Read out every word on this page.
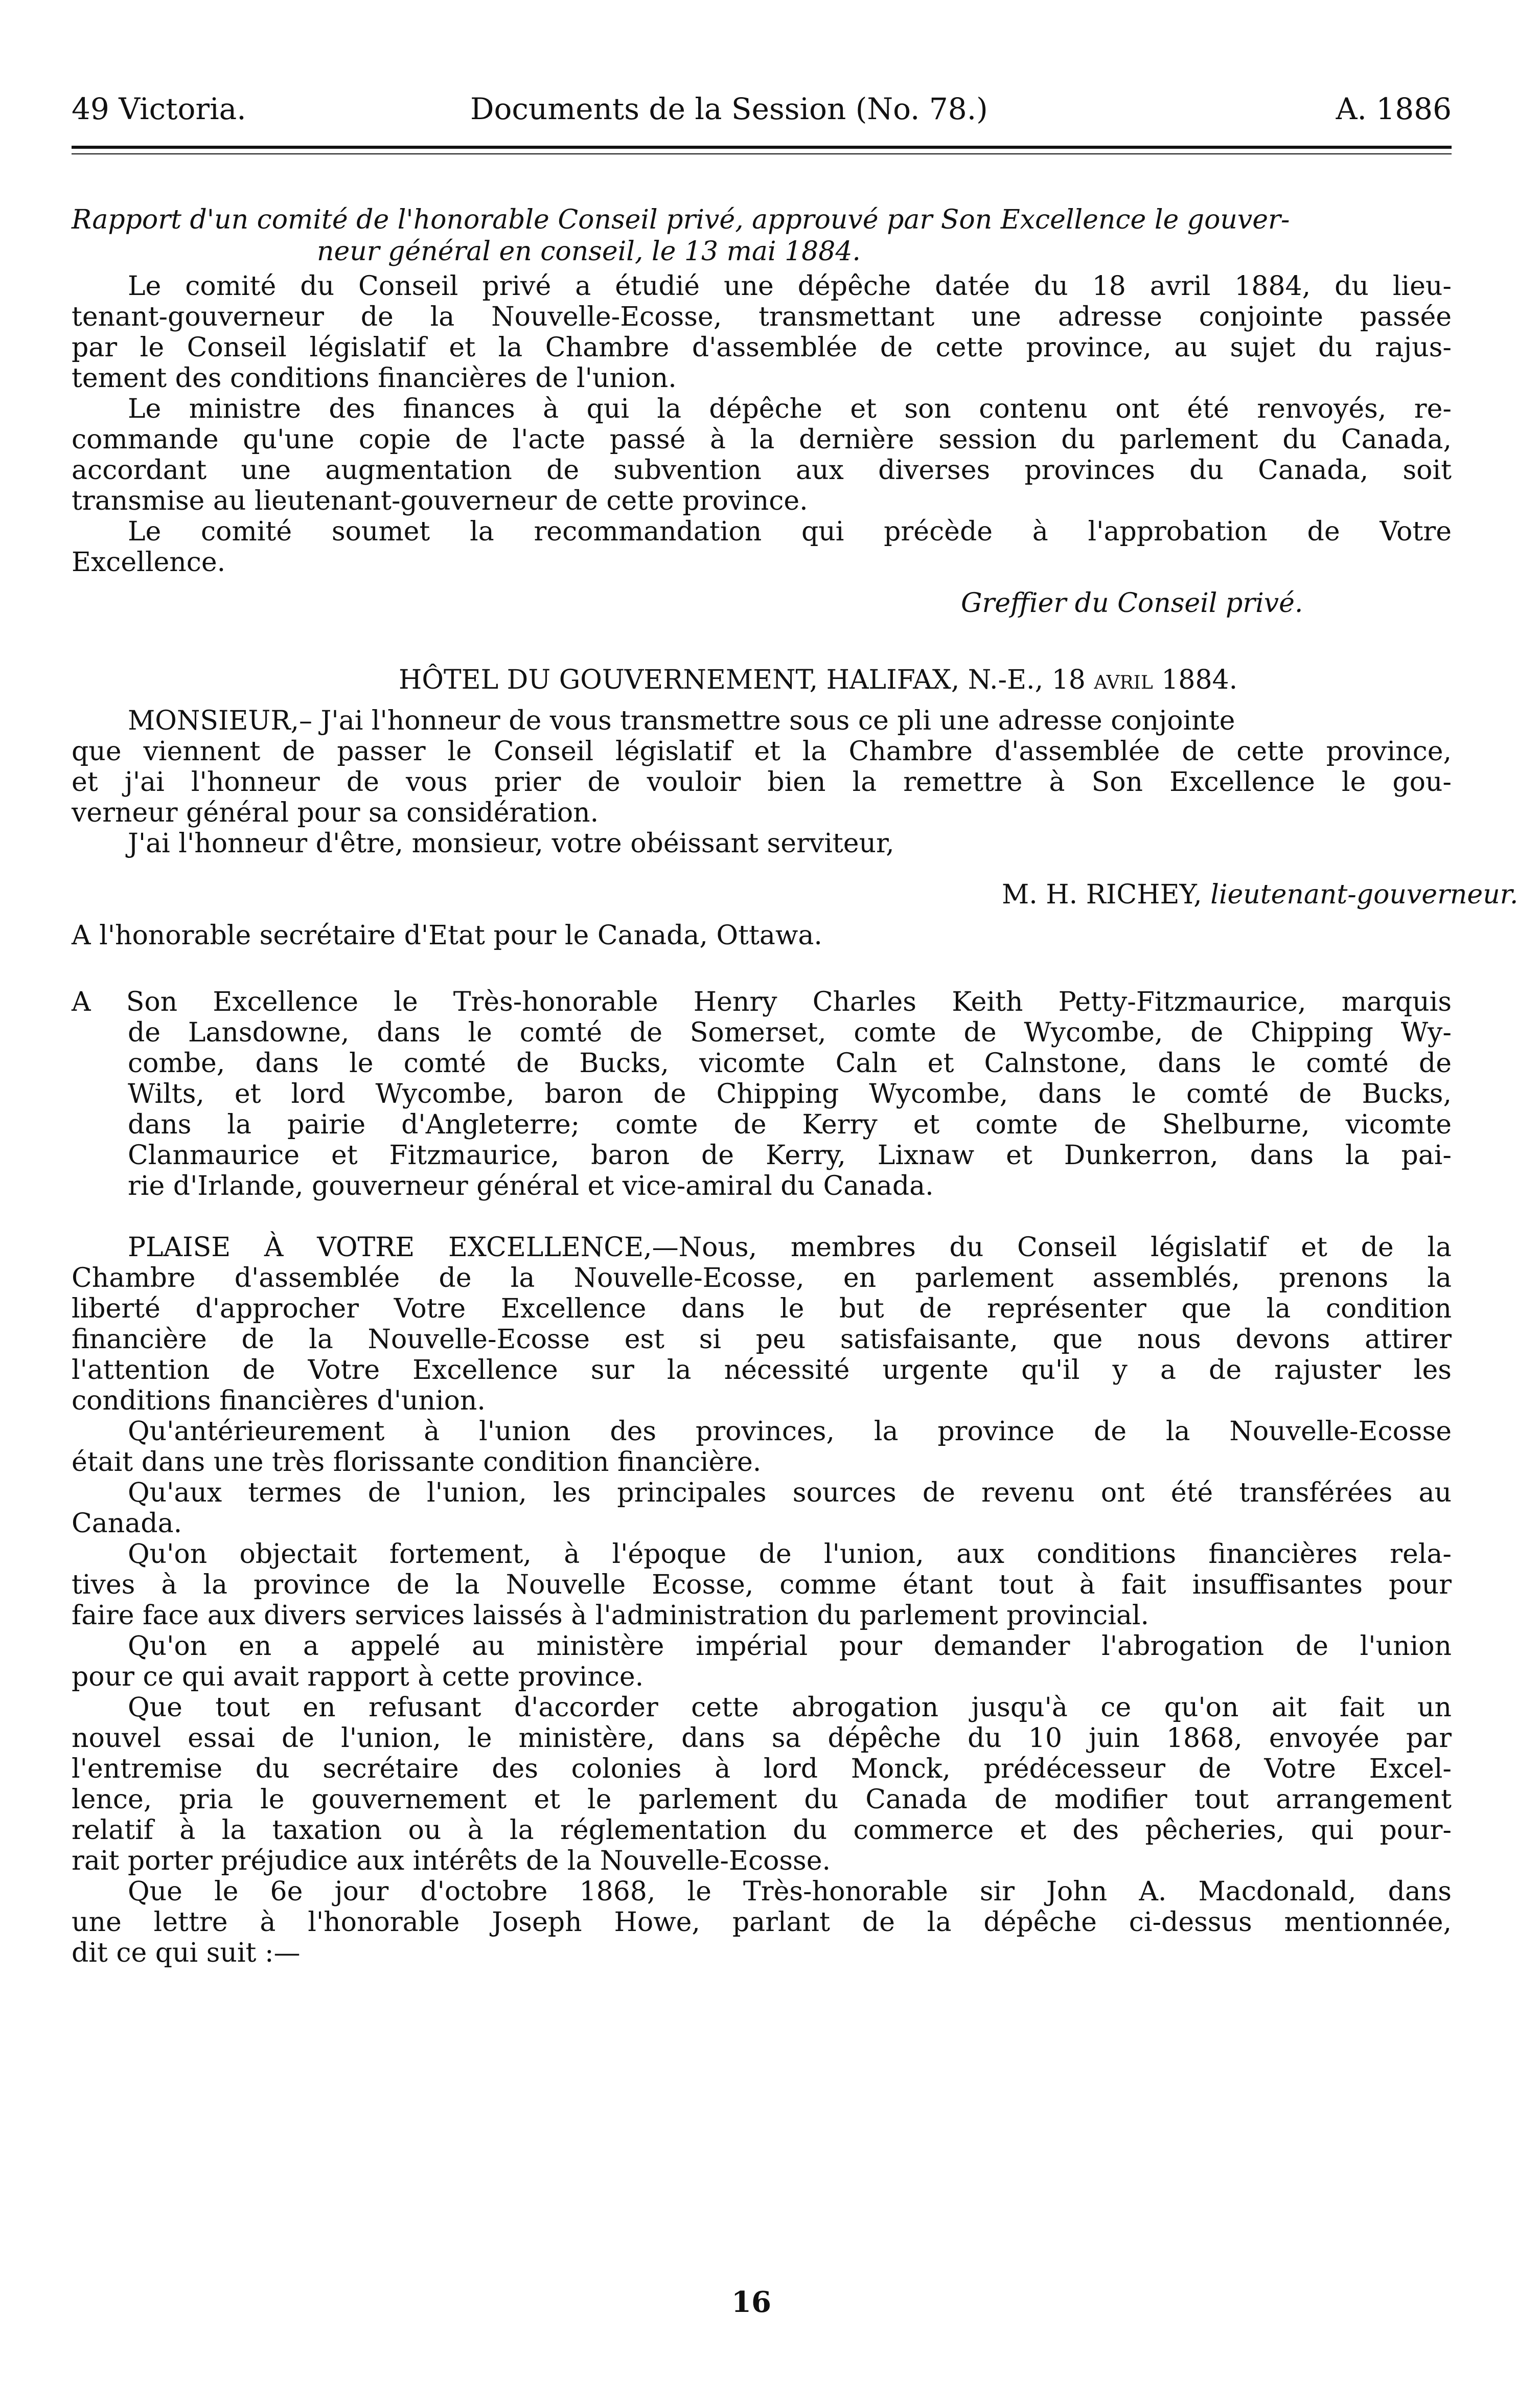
49 Victoria.	Documents de la Session (No. 78.)	A. 1886
Rapport d'un comité de l'honorable Conseil privé, approuvé par Son Excellence le gouver-
neur général en conseil, le 13 mai 1884.
Le comité du Conseil privé a étudié une dépêche datée du 18 avril 1884, du lieu-
tenant-gouverneur de la Nouvelle-Ecosse, transmettant une adresse conjointe passée
par le Conseil législatif et la Chambre d'assemblée de cette province, au sujet du rajus-
tement des conditions financières de l'union.
Le ministre des finances à qui la dépêche et son contenu ont été renvoyés, re-
commande qu'une copie de l'acte passé à la dernière session du parlement du Canada,
accordant une augmentation de subvention aux diverses provinces du Canada, soit
transmise au lieutenant-gouverneur de cette province.
Le comité soumet la recommandation qui précède à l'approbation de Votre
Excellence.
Greffier du Conseil privé.
HÔTEL DU GOUVERNEMENT, HALIFAX, N.-E., 18 avril 1884.
MONSIEUR,– J'ai l'honneur de vous transmettre sous ce pli une adresse conjointe
que viennent de passer le Conseil législatif et la Chambre d'assemblée de cette province,
et j'ai l'honneur de vous prier de vouloir bien la remettre à Son Excellence le gou-
verneur général pour sa considération.
J'ai l'honneur d'être, monsieur, votre obéissant serviteur,
M. H. RICHEY, lieutenant-gouverneur.
A l'honorable secrétaire d'Etat pour le Canada, Ottawa.
A Son Excellence le Très-honorable Henry Charles Keith Petty-Fitzmaurice, marquis
de Lansdowne, dans le comté de Somerset, comte de Wycombe, de Chipping Wy-
combe, dans le comté de Bucks, vicomte Caln et Calnstone, dans le comté de
Wilts, et lord Wycombe, baron de Chipping Wycombe, dans le comté de Bucks,
dans la pairie d'Angleterre; comte de Kerry et comte de Shelburne, vicomte
Clanmaurice et Fitzmaurice, baron de Kerry, Lixnaw et Dunkerron, dans la pai-
rie d'Irlande, gouverneur général et vice-amiral du Canada.
PLAISE À VOTRE EXCELLENCE,—Nous, membres du Conseil législatif et de la
Chambre d'assemblée de la Nouvelle-Ecosse, en parlement assemblés, prenons la
liberté d'approcher Votre Excellence dans le but de représenter que la condition
financière de la Nouvelle-Ecosse est si peu satisfaisante, que nous devons attirer
l'attention de Votre Excellence sur la nécessité urgente qu'il y a de rajuster les
conditions financières d'union.
Qu'antérieurement à l'union des provinces, la province de la Nouvelle-Ecosse
était dans une très florissante condition financière.
Qu'aux termes de l'union, les principales sources de revenu ont été transférées au
Canada.
Qu'on objectait fortement, à l'époque de l'union, aux conditions financières rela-
tives à la province de la Nouvelle Ecosse, comme étant tout à fait insuffisantes pour
faire face aux divers services laissés à l'administration du parlement provincial.
Qu'on en a appelé au ministère impérial pour demander l'abrogation de l'union
pour ce qui avait rapport à cette province.
Que tout en refusant d'accorder cette abrogation jusqu'à ce qu'on ait fait un
nouvel essai de l'union, le ministère, dans sa dépêche du 10 juin 1868, envoyée par
l'entremise du secrétaire des colonies à lord Monck, prédécesseur de Votre Excel-
lence, pria le gouvernement et le parlement du Canada de modifier tout arrangement
relatif à la taxation ou à la réglementation du commerce et des pêcheries, qui pour-
rait porter préjudice aux intérêts de la Nouvelle-Ecosse.
Que le 6e jour d'octobre 1868, le Très-honorable sir John A. Macdonald, dans
une lettre à l'honorable Joseph Howe, parlant de la dépêche ci-dessus mentionnée,
dit ce qui suit :—
16
